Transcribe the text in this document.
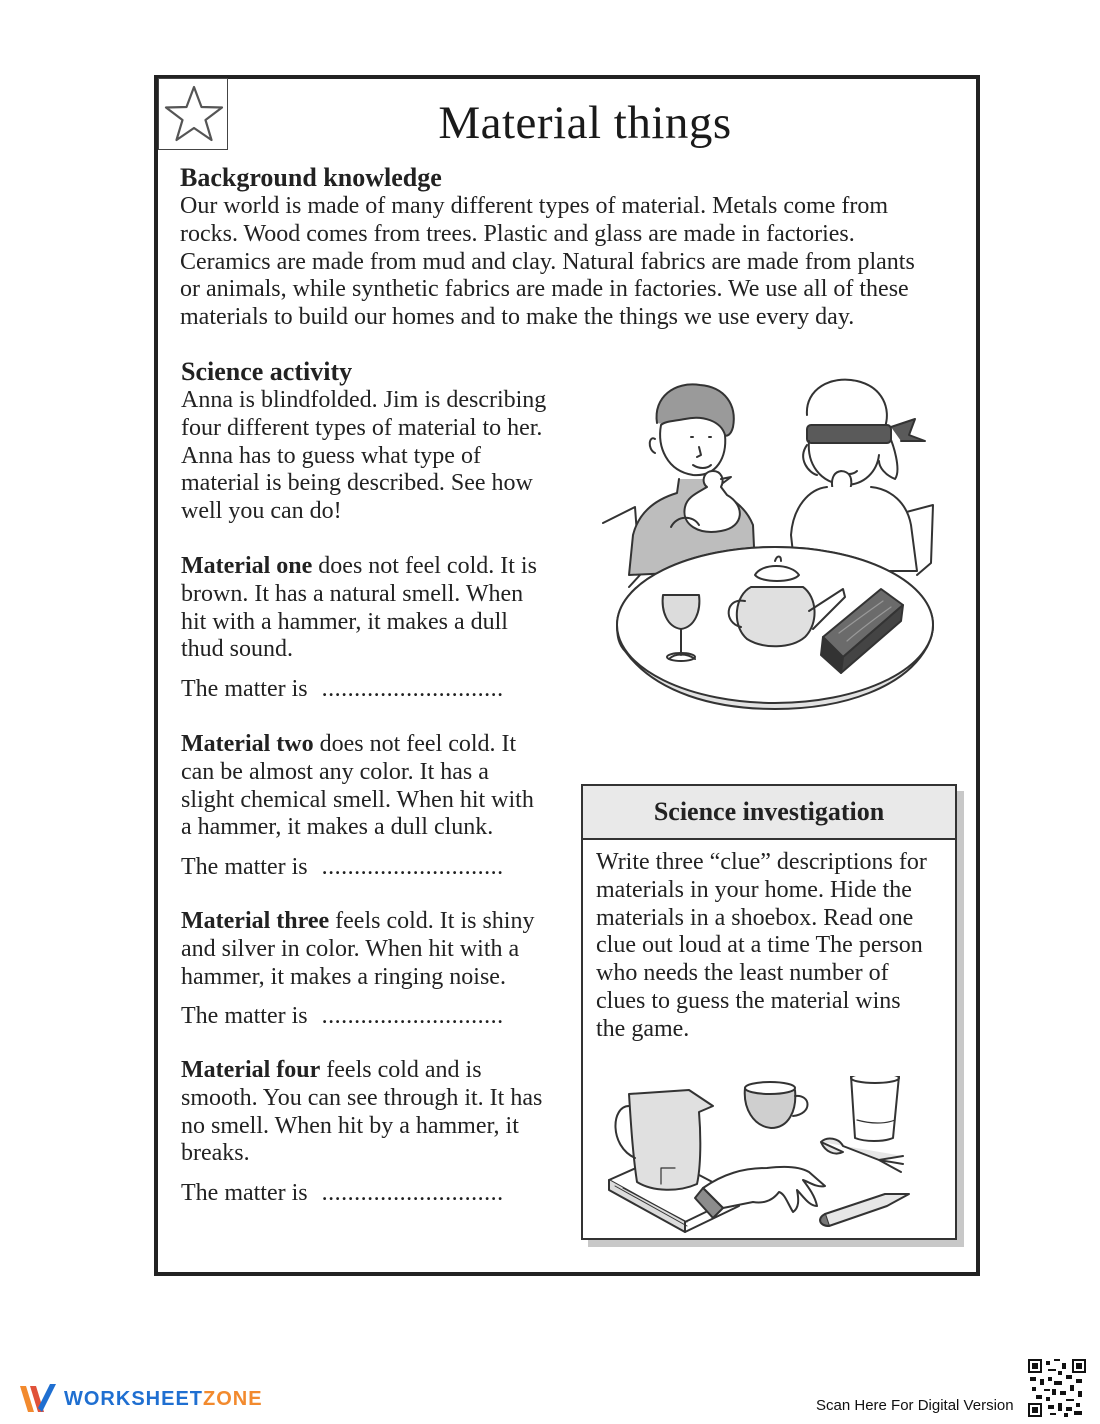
Material things
Background knowledge
Our world is made of many different types of material. Metals come from
rocks. Wood comes from trees. Plastic and glass are made in factories.
Ceramics are made from mud and clay. Natural fabrics are made from plants
or animals, while synthetic fabrics are made in factories. We use all of these
materials to build our homes and to make the things we use every day.
Science activity
Anna is blindfolded. Jim is describing
four different types of material to her.
Anna has to guess what type of
material is being described. See how
well you can do!
Material one does not feel cold. It is
brown. It has a natural smell. When
hit with a hammer, it makes a dull
thud sound.
The matter is ............................
Material two does not feel cold. It
can be almost any color. It has a
slight chemical smell. When hit with
a hammer, it makes a dull clunk.
The matter is ............................
Material three feels cold. It is shiny
and silver in color. When hit with a
hammer, it makes a ringing noise.
The matter is ............................
Material four feels cold and is
smooth. You can see through it. It has
no smell. When hit by a hammer, it
breaks.
The matter is ............................
Science investigation
Write three “clue” descriptions for
materials in your home. Hide the
materials in a shoebox. Read one
clue out loud at a time The person
who needs the least number of
clues to guess the material wins
the game.
WORKSHEETZONE	Scan Here For Digital Version
